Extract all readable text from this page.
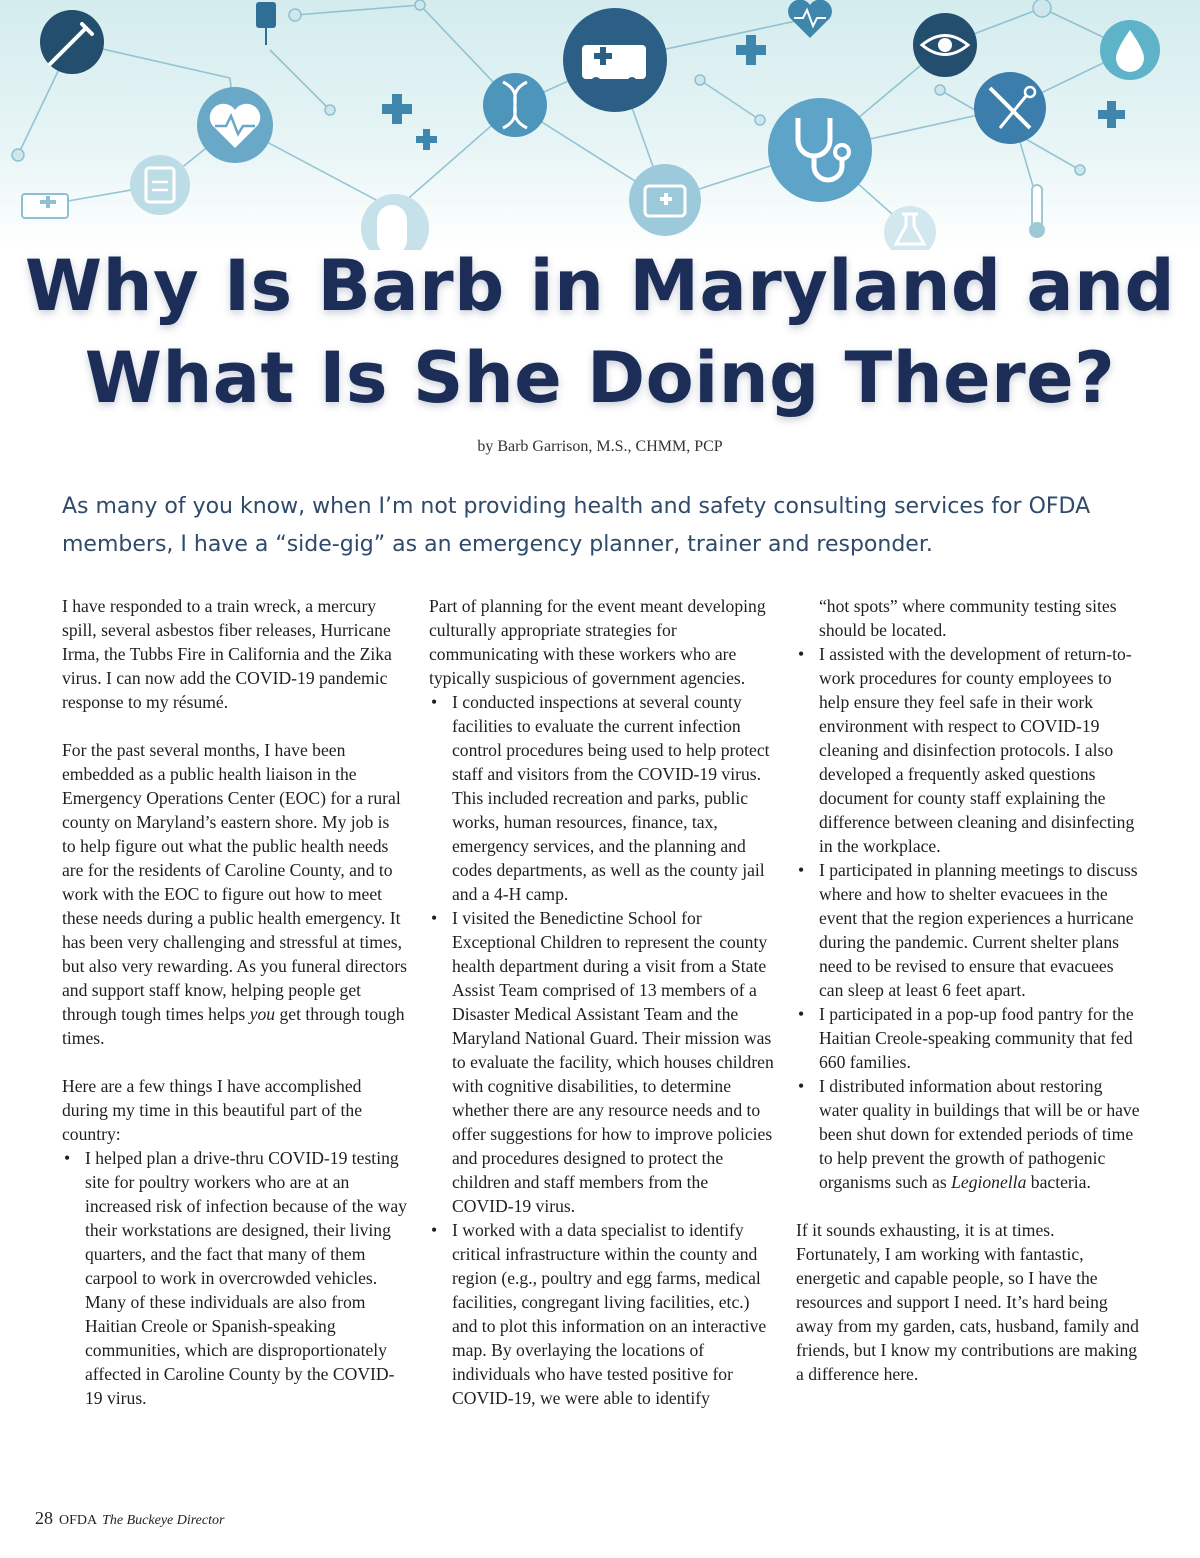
Why Is Barb in Maryland and
What Is She Doing There?
by Barb Garrison, M.S., CHMM, PCP

As many of you know, when I’m not providing health and safety consulting services for OFDA members, I have a “side-gig” as an emergency planner, trainer and responder.

I have responded to a train wreck, a mercury spill, several asbestos fiber releases, Hurricane Irma, the Tubbs Fire in California and the Zika virus. I can now add the COVID-19 pandemic response to my résumé.

For the past several months, I have been embedded as a public health liaison in the Emergency Operations Center (EOC) for a rural county on Maryland’s eastern shore. My job is to help figure out what the public health needs are for the residents of Caroline County, and to work with the EOC to figure out how to meet these needs during a public health emergency. It has been very challenging and stressful at times, but also very rewarding. As you funeral directors and support staff know, helping people get through tough times helps you get through tough times.

Here are a few things I have accomplished during my time in this beautiful part of the country:

• I helped plan a drive-thru COVID-19 testing site for poultry workers who are at an increased risk of infection because of the way their workstations are designed, their living quarters, and the fact that many of them carpool to work in overcrowded vehicles. Many of these individuals are also from Haitian Creole or Spanish-speaking communities, which are disproportionately affected in Caroline County by the COVID-19 virus.

Part of planning for the event meant developing culturally appropriate strategies for communicating with these workers who are typically suspicious of government agencies.

• I conducted inspections at several county facilities to evaluate the current infection control procedures being used to help protect staff and visitors from the COVID-19 virus. This included recreation and parks, public works, human resources, finance, tax, emergency services, and the planning and codes departments, as well as the county jail and a 4-H camp.
• I visited the Benedictine School for Exceptional Children to represent the county health department during a visit from a State Assist Team comprised of 13 members of a Disaster Medical Assistant Team and the Maryland National Guard. Their mission was to evaluate the facility, which houses children with cognitive disabilities, to determine whether there are any resource needs and to offer suggestions for how to improve policies and procedures designed to protect the children and staff members from the COVID-19 virus.
• I worked with a data specialist to identify critical infrastructure within the county and region (e.g., poultry and egg farms, medical facilities, congregant living facilities, etc.) and to plot this information on an interactive map. By overlaying the locations of individuals who have tested positive for COVID-19, we were able to identify
“hot spots” where community testing sites should be located.
• I assisted with the development of return-to-work procedures for county employees to help ensure they feel safe in their work environment with respect to COVID-19 cleaning and disinfection protocols. I also developed a frequently asked questions document for county staff explaining the difference between cleaning and disinfecting in the workplace.
• I participated in planning meetings to discuss where and how to shelter evacuees in the event that the region experiences a hurricane during the pandemic. Current shelter plans need to be revised to ensure that evacuees can sleep at least 6 feet apart.
• I participated in a pop-up food pantry for the Haitian Creole-speaking community that fed 660 families.
• I distributed information about restoring water quality in buildings that will be or have been shut down for extended periods of time to help prevent the growth of pathogenic organisms such as Legionella bacteria.

If it sounds exhausting, it is at times. Fortunately, I am working with fantastic, energetic and capable people, so I have the resources and support I need. It’s hard being away from my garden, cats, husband, family and friends, but I know my contributions are making a difference here.

28 OFDA The Buckeye Director
